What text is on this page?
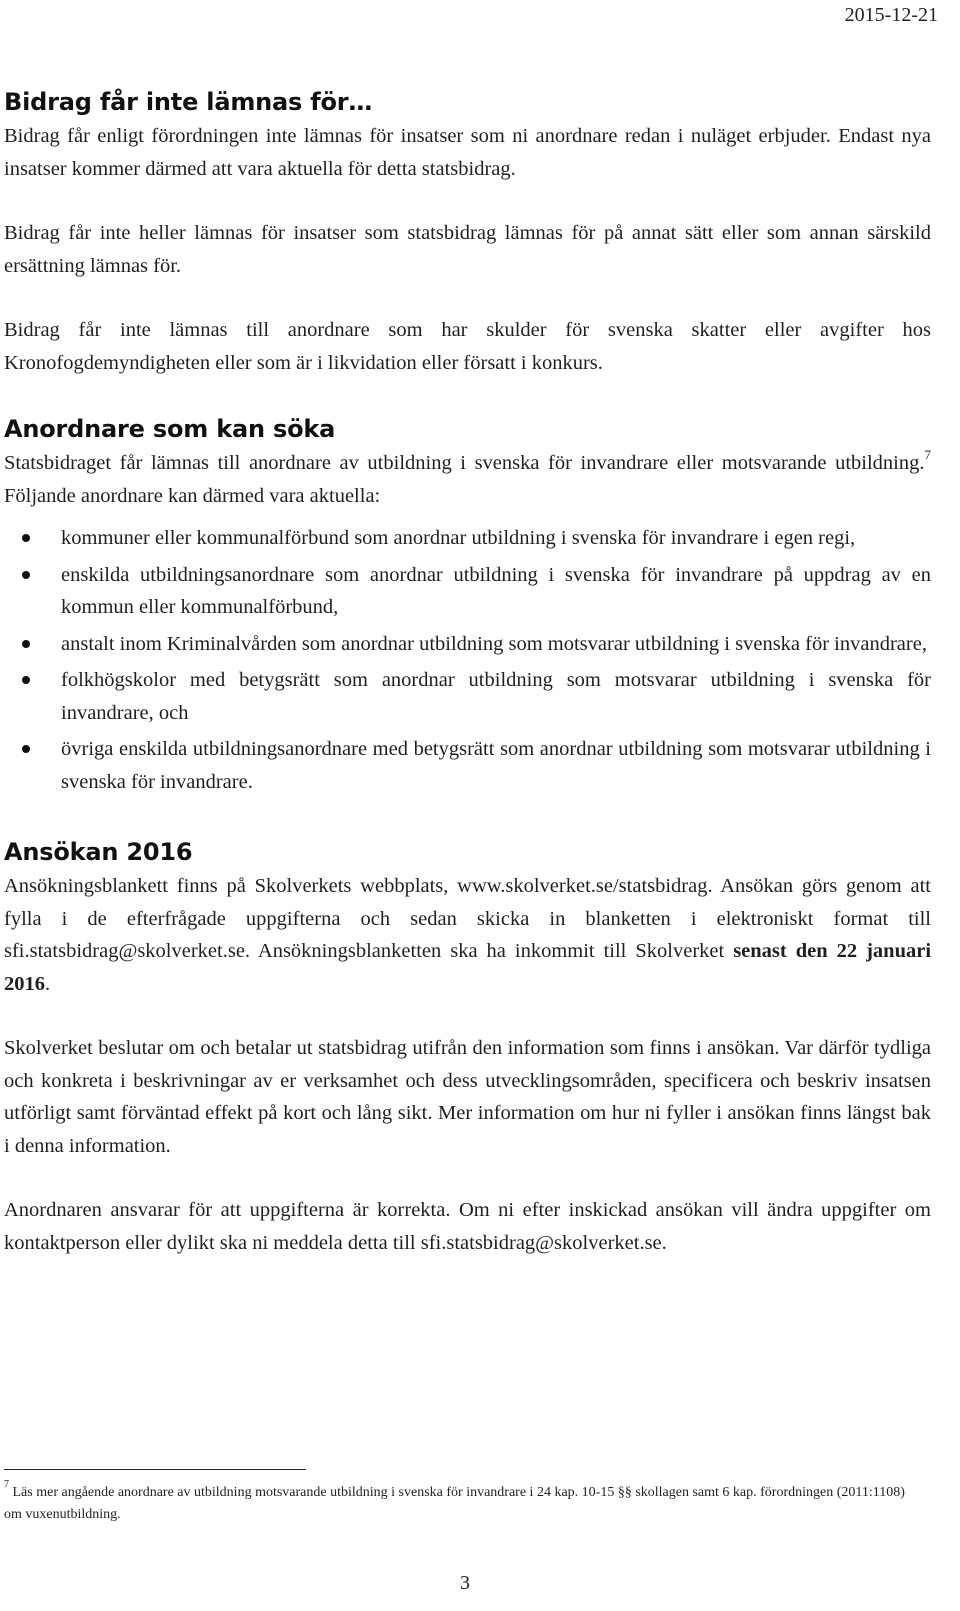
2015-12-21
Bidrag får inte lämnas för…

Bidrag får enligt förordningen inte lämnas för insatser som ni anordnare redan i nuläget erbjuder. Endast nya insatser kommer därmed att vara aktuella för detta statsbidrag.

Bidrag får inte heller lämnas för insatser som statsbidrag lämnas för på annat sätt eller som annan särskild ersättning lämnas för.

Bidrag får inte lämnas till anordnare som har skulder för svenska skatter eller avgifter hos Kronofogdemyndigheten eller som är i likvidation eller försatt i konkurs.

Anordnare som kan söka

Statsbidraget får lämnas till anordnare av utbildning i svenska för invandrare eller motsvarande utbildning.$^7$ Följande anordnare kan därmed vara aktuella:

kommuner eller kommunalförbund som anordnar utbildning i svenska för invandrare i egen regi,
enskilda utbildningsanordnare som anordnar utbildning i svenska för invandrare på uppdrag av en kommun eller kommunalförbund,
anstalt inom Kriminalvården som anordnar utbildning som motsvarar utbildning i svenska för invandrare,
folkhögskolor med betygsrätt som anordnar utbildning som motsvarar utbildning i svenska för invandrare, och
övriga enskilda utbildningsanordnare med betygsrätt som anordnar utbildning som motsvarar utbildning i svenska för invandrare.
Ansökan 2016

Ansökningsblankett finns på Skolverkets webbplats, www.skolverket.se/statsbidrag. Ansökan görs genom att fylla i de efterfrågade uppgifterna och sedan skicka in blanketten i elektroniskt format till sfi.statsbidrag@skolverket.se. Ansökningsblanketten ska ha inkommit till Skolverket senast den 22 januari 2016.

Skolverket beslutar om och betalar ut statsbidrag utifrån den information som finns i ansökan. Var därför tydliga och konkreta i beskrivningar av er verksamhet och dess utvecklingsområden, specificera och beskriv insatsen utförligt samt förväntad effekt på kort och lång sikt. Mer information om hur ni fyller i ansökan finns längst bak i denna information.

Anordnaren ansvarar för att uppgifterna är korrekta. Om ni efter inskickad ansökan vill ändra uppgifter om kontaktperson eller dylikt ska ni meddela detta till sfi.statsbidrag@skolverket.se.

$^7$ Läs mer angående anordnare av utbildning motsvarande utbildning i svenska för invandrare i 24 kap. 10-15 §§ skollagen samt 6 kap. förordningen (2011:1108) om vuxenutbildning.
3
